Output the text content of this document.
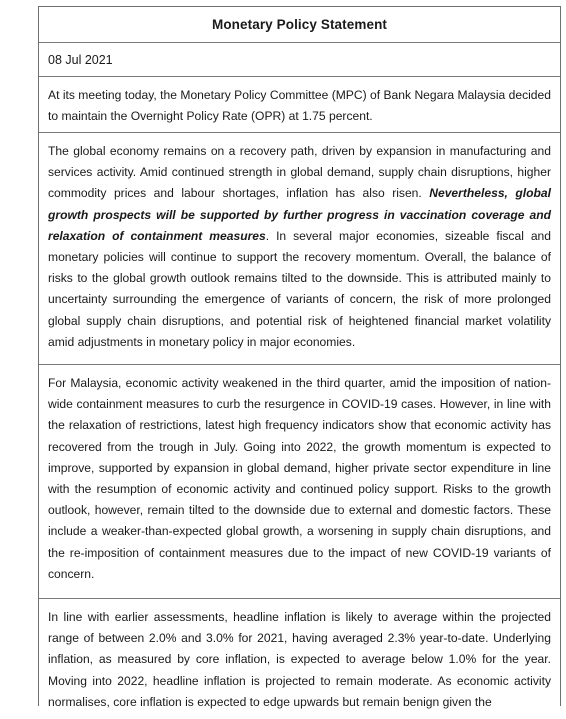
Monetary Policy Statement
08 Jul 2021

At its meeting today, the Monetary Policy Committee (MPC) of Bank Negara Malaysia decided to maintain the Overnight Policy Rate (OPR) at 1.75 percent.

The global economy remains on a recovery path, driven by expansion in manufacturing and services activity. Amid continued strength in global demand, supply chain disruptions, higher commodity prices and labour shortages, inflation has also risen. Nevertheless, global growth prospects will be supported by further progress in vaccination coverage and relaxation of containment measures. In several major economies, sizeable fiscal and monetary policies will continue to support the recovery momentum. Overall, the balance of risks to the global growth outlook remains tilted to the downside. This is attributed mainly to uncertainty surrounding the emergence of variants of concern, the risk of more prolonged global supply chain disruptions, and potential risk of heightened financial market volatility amid adjustments in monetary policy in major economies.

For Malaysia, economic activity weakened in the third quarter, amid the imposition of nation-wide containment measures to curb the resurgence in COVID-19 cases. However, in line with the relaxation of restrictions, latest high frequency indicators show that economic activity has recovered from the trough in July. Going into 2022, the growth momentum is expected to improve, supported by expansion in global demand, higher private sector expenditure in line with the resumption of economic activity and continued policy support. Risks to the growth outlook, however, remain tilted to the downside due to external and domestic factors. These include a weaker-than-expected global growth, a worsening in supply chain disruptions, and the re-imposition of containment measures due to the impact of new COVID-19 variants of concern.

In line with earlier assessments, headline inflation is likely to average within the projected range of between 2.0% and 3.0% for 2021, having averaged 2.3% year-to-date. Underlying inflation, as measured by core inflation, is expected to average below 1.0% for the year. Moving into 2022, headline inflation is projected to remain moderate. As economic activity normalises, core inflation is expected to edge upwards but remain benign given the
